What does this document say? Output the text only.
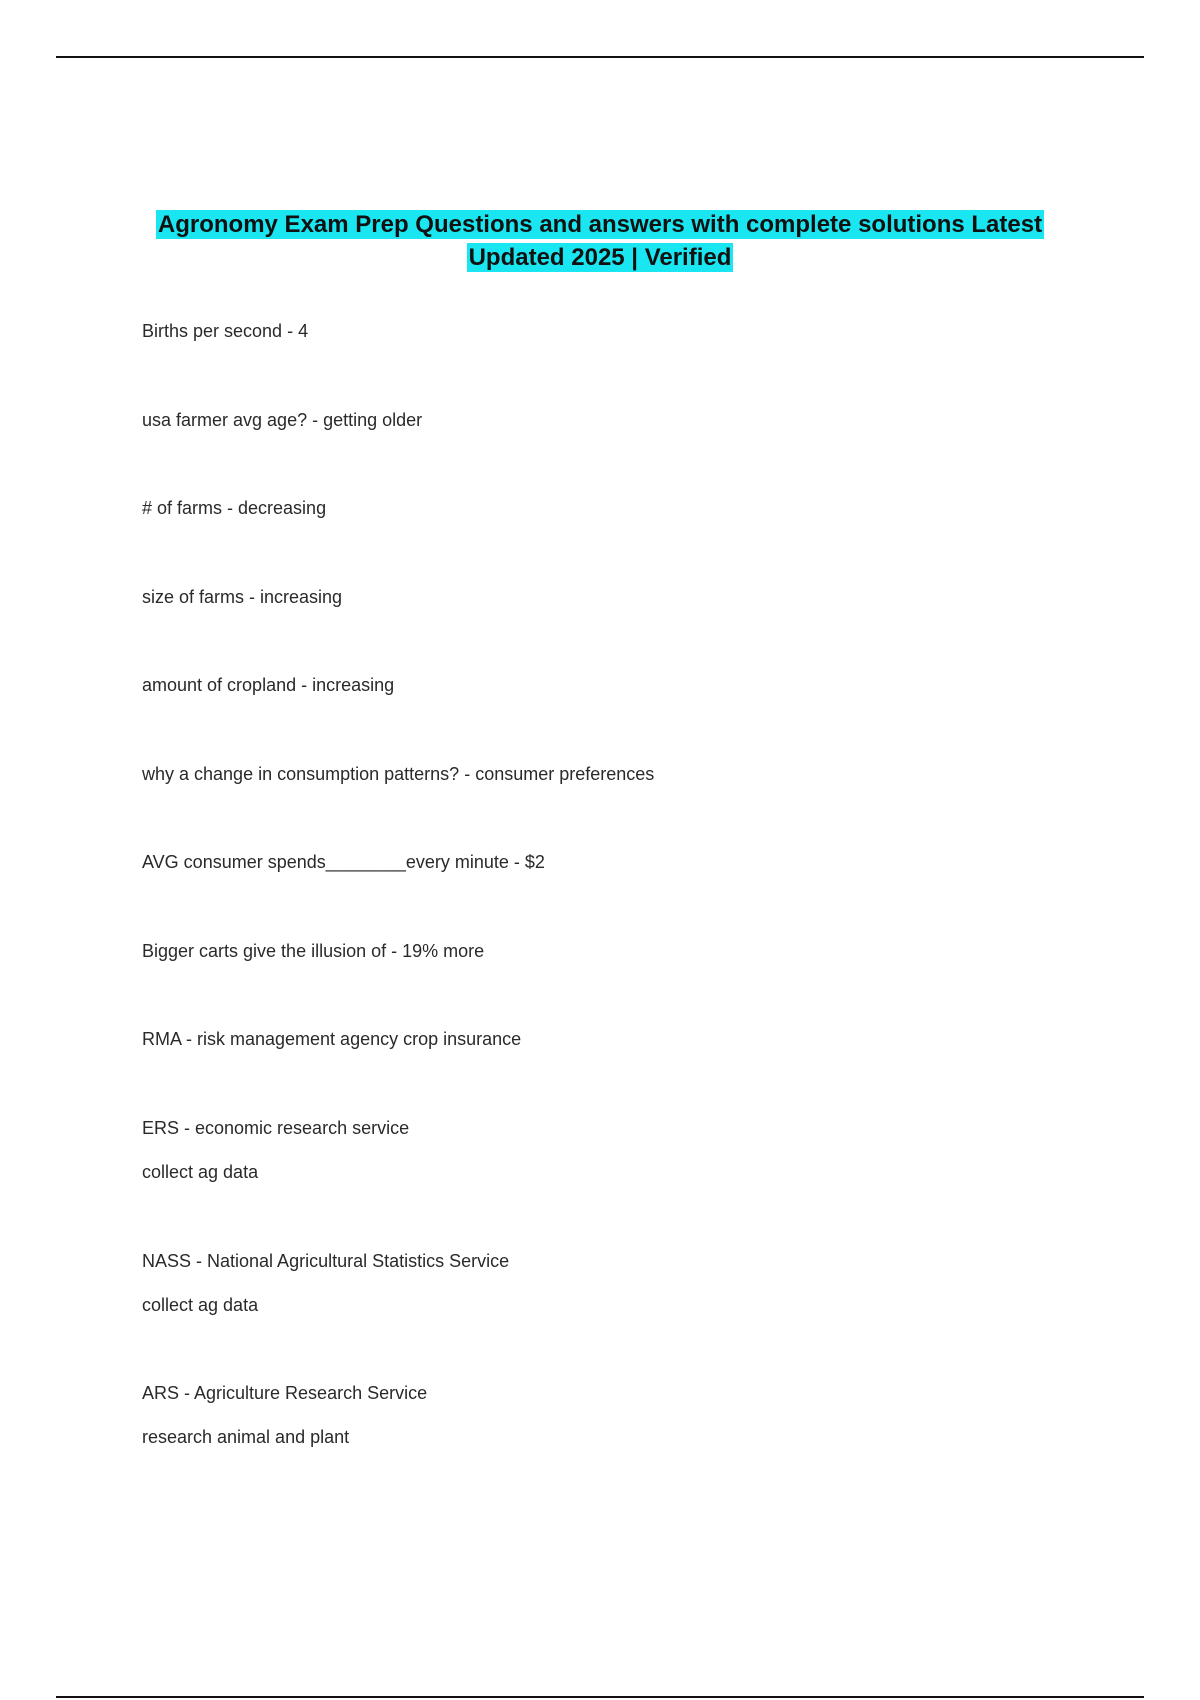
Agronomy Exam Prep Questions and answers with complete solutions Latest
Updated 2025 | Verified
Births per second - 4
usa farmer avg age? - getting older
# of farms - decreasing
size of farms - increasing
amount of cropland - increasing
why a change in consumption patterns? - consumer preferences
AVG consumer spends________every minute - $2
Bigger carts give the illusion of - 19% more
RMA - risk management agency crop insurance
ERS - economic research service
collect ag data
NASS - National Agricultural Statistics Service
collect ag data
ARS - Agriculture Research Service
research animal and plant
